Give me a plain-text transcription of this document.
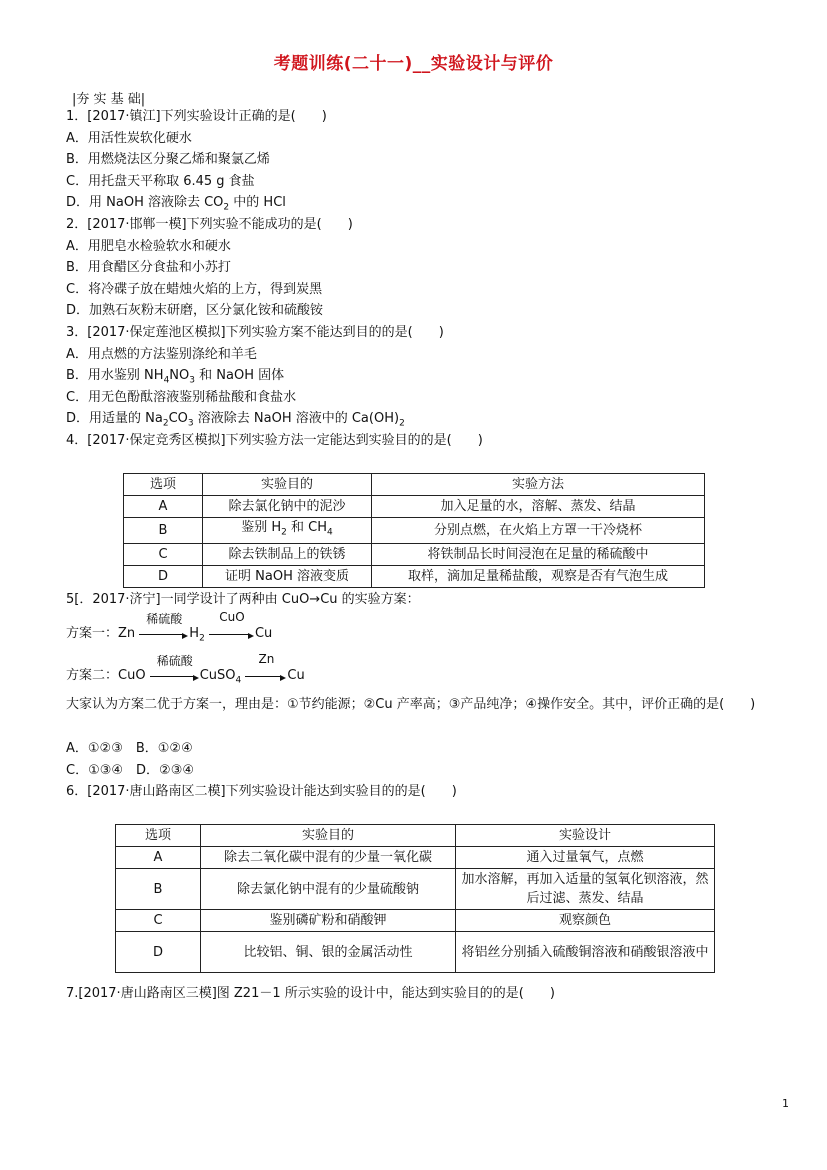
考题训练(二十一)__实验设计与评价
|夯 实 基 础|
1．[2017·镇江]下列实验设计正确的是(　　)
A．用活性炭软化硬水
B．用燃烧法区分聚乙烯和聚氯乙烯
C．用托盘天平称取 6.45 g 食盐
D．用 NaOH 溶液除去 $CO_2$ 中的 HCl
2．[2017·邯郸一模]下列实验不能成功的是(　　)
A．用肥皂水检验软水和硬水
B．用食醋区分食盐和小苏打
C．将冷碟子放在蜡烛火焰的上方，得到炭黑
D．加熟石灰粉末研磨，区分氯化铵和硫酸铵
3．[2017·保定莲池区模拟]下列实验方案不能达到目的的是(　　)
A．用点燃的方法鉴别涤纶和羊毛
B．用水鉴别 $NH_4NO_3$ 和 NaOH 固体
C．用无色酚酞溶液鉴别稀盐酸和食盐水
D．用适量的 $Na_2CO_3$ 溶液除去 NaOH 溶液中的 $Ca(OH)_2$
4．[2017·保定竞秀区模拟]下列实验方法一定能达到实验目的的是(　　)
选项	实验目的	实验方法
A	除去氯化钠中的泥沙	加入足量的水，溶解、蒸发、结晶
B	鉴别 $H_2$ 和 $CH_4$	分别点燃，在火焰上方罩一干冷烧杯
C	除去铁制品上的铁锈	将铁制品长时间浸泡在足量的稀硫酸中
D	证明 NaOH 溶液变质	取样，滴加足量稀盐酸，观察是否有气泡生成
5[．2017·济宁]一同学设计了两种由 CuO→Cu 的实验方案：
方案一：Zn
稀硫酸
$H_2$
CuO
Cu
方案二：CuO
稀硫酸
CuSO$_4$
Zn
Cu
大家认为方案二优于方案一，理由是：①节约能源；②Cu 产率高；③产品纯净；④操作安全。其中，评价正确的是(　　)
A．①②③　B．①②④
C．①③④　D．②③④
6．[2017·唐山路南区二模]下列实验设计能达到实验目的的是(　　)
选项	实验目的	实验设计
A	除去二氧化碳中混有的少量一氧化碳	通入过量氧气，点燃
B	除去氯化钠中混有的少量硫酸钠	加水溶解，再加入适量的氢氧化钡溶液，然后过滤、蒸发、结晶
C	鉴别磷矿粉和硝酸钾	观察颜色
D	比较铝、铜、银的金属活动性	将铝丝分别插入硫酸铜溶液和硝酸银溶液中
7.[2017·唐山路南区三模]图 Z21－1 所示实验的设计中，能达到实验目的的是(　　)
1
